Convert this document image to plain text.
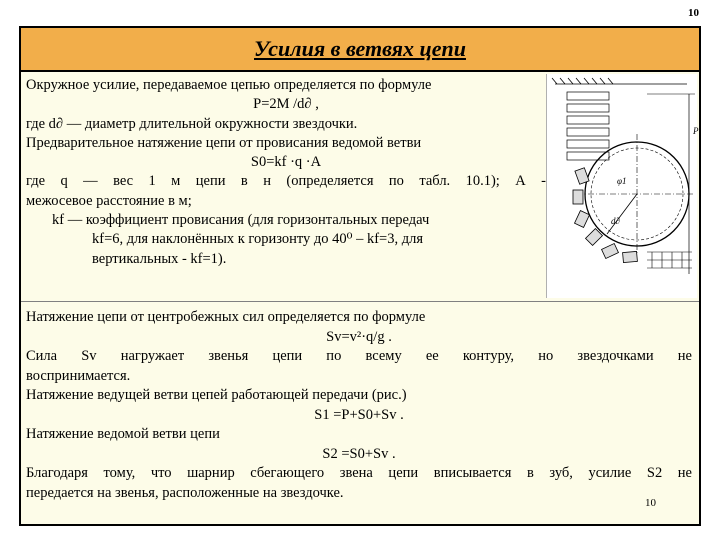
10
Усилия в ветвях цепи

Окружное усилие, передаваемое цепью определяется по формуле

P=2M /d∂ ,

где d∂ — диаметр длительной окружности звездочки.

Предварительное натяжение цепи от провисания ведомой ветви

S0=kf ·q ·A

где q — вес 1 м цепи в н (определяется по табл. 10.1); А -

межосевое расстояние в м;

kf — коэффициент провисания (для горизонтальных передач

kf=6, для наклонённых к горизонту до 40⁰ – kf=3, для

вертикальных - kf=1).

φ1
d∂
P

Натяжение цепи от центробежных сил определяется по формуле

Sv=v²·q/g .

Сила Sv нагружает звенья цепи по всему ее контуру, но звездочками не

воспринимается.

Натяжение ведущей ветви цепей работающей передачи (рис.)

S1 =P+S0+Sv .

Натяжение ведомой ветви цепи

S2 =S0+Sv .

Благодаря тому, что шарнир сбегающего звена цепи вписывается в зуб, усилие S2 не

передается на звенья, расположенные на звездочке.

10
